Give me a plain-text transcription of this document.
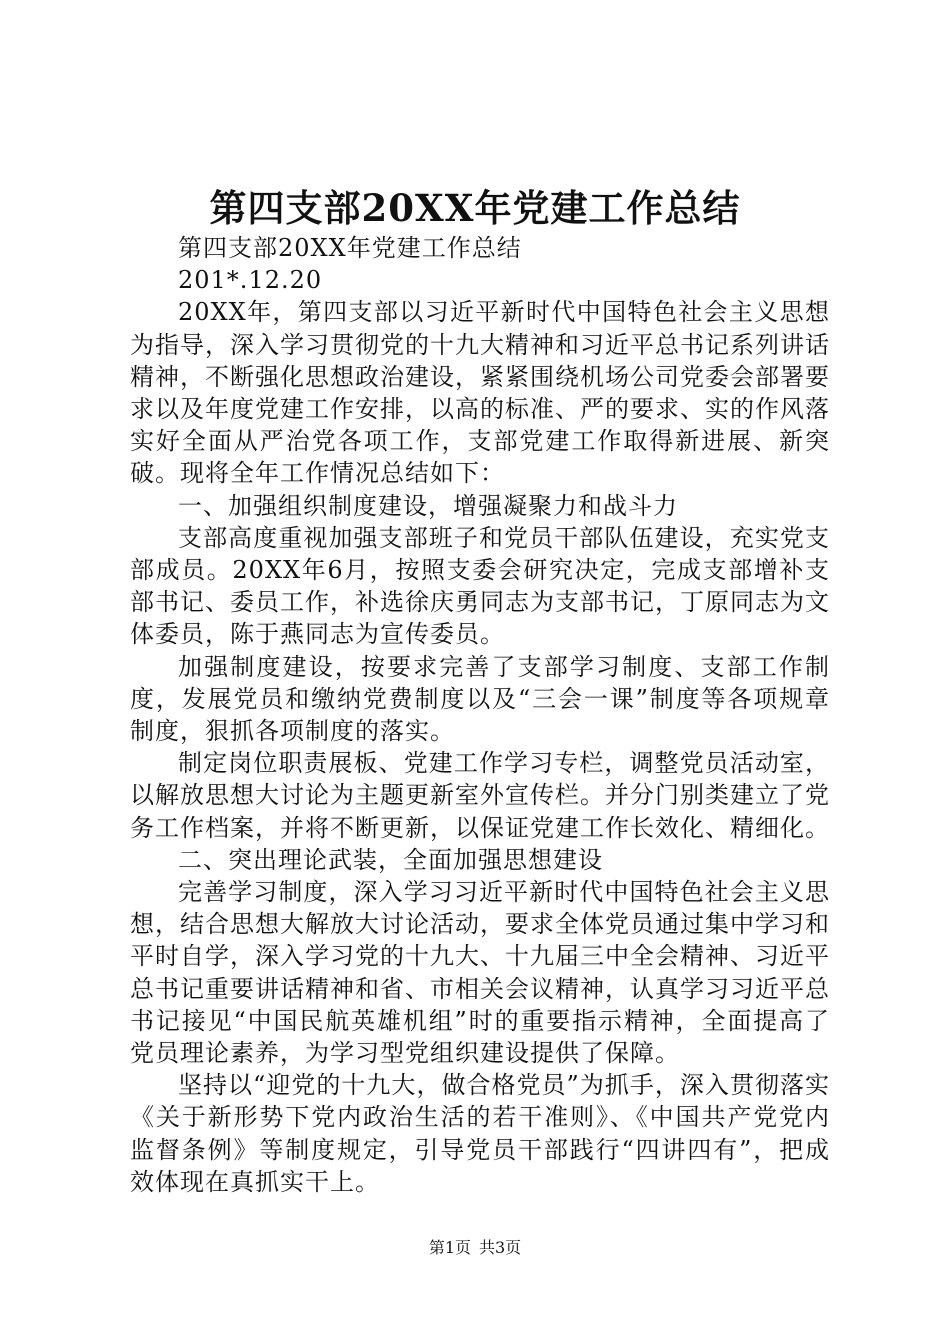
第四支部20XX年党建工作总结

第四支部20XX年党建工作总结

201*.12.20

20XX年，第四支部以习近平新时代中国特色社会主义思想为指导，深入学习贯彻党的十九大精神和习近平总书记系列讲话精神，不断强化思想政治建设，紧紧围绕机场公司党委会部署要求以及年度党建工作安排，以高的标准、严的要求、实的作风落实好全面从严治党各项工作，支部党建工作取得新进展、新突破。现将全年工作情况总结如下：

一、加强组织制度建设，增强凝聚力和战斗力

支部高度重视加强支部班子和党员干部队伍建设，充实党支部成员。20XX年6月，按照支委会研究决定，完成支部增补支部书记、委员工作，补选徐庆勇同志为支部书记，丁原同志为文体委员，陈于燕同志为宣传委员。

加强制度建设，按要求完善了支部学习制度、支部工作制度，发展党员和缴纳党费制度以及“三会一课”制度等各项规章制度，狠抓各项制度的落实。

制定岗位职责展板、党建工作学习专栏，调整党员活动室，以解放思想大讨论为主题更新室外宣传栏。并分门别类建立了党务工作档案，并将不断更新，以保证党建工作长效化、精细化。

二、突出理论武装，全面加强思想建设

完善学习制度，深入学习习近平新时代中国特色社会主义思想，结合思想大解放大讨论活动，要求全体党员通过集中学习和平时自学，深入学习党的十九大、十九届三中全会精神、习近平总书记重要讲话精神和省、市相关会议精神，认真学习习近平总书记接见“中国民航英雄机组”时的重要指示精神，全面提高了党员理论素养，为学习型党组织建设提供了保障。

坚持以“迎党的十九大，做合格党员”为抓手，深入贯彻落实《关于新形势下党内政治生活的若干准则》、《中国共产党党内监督条例》等制度规定，引导党员干部践行“四讲四有”，把成效体现在真抓实干上。

第1页 共3页
